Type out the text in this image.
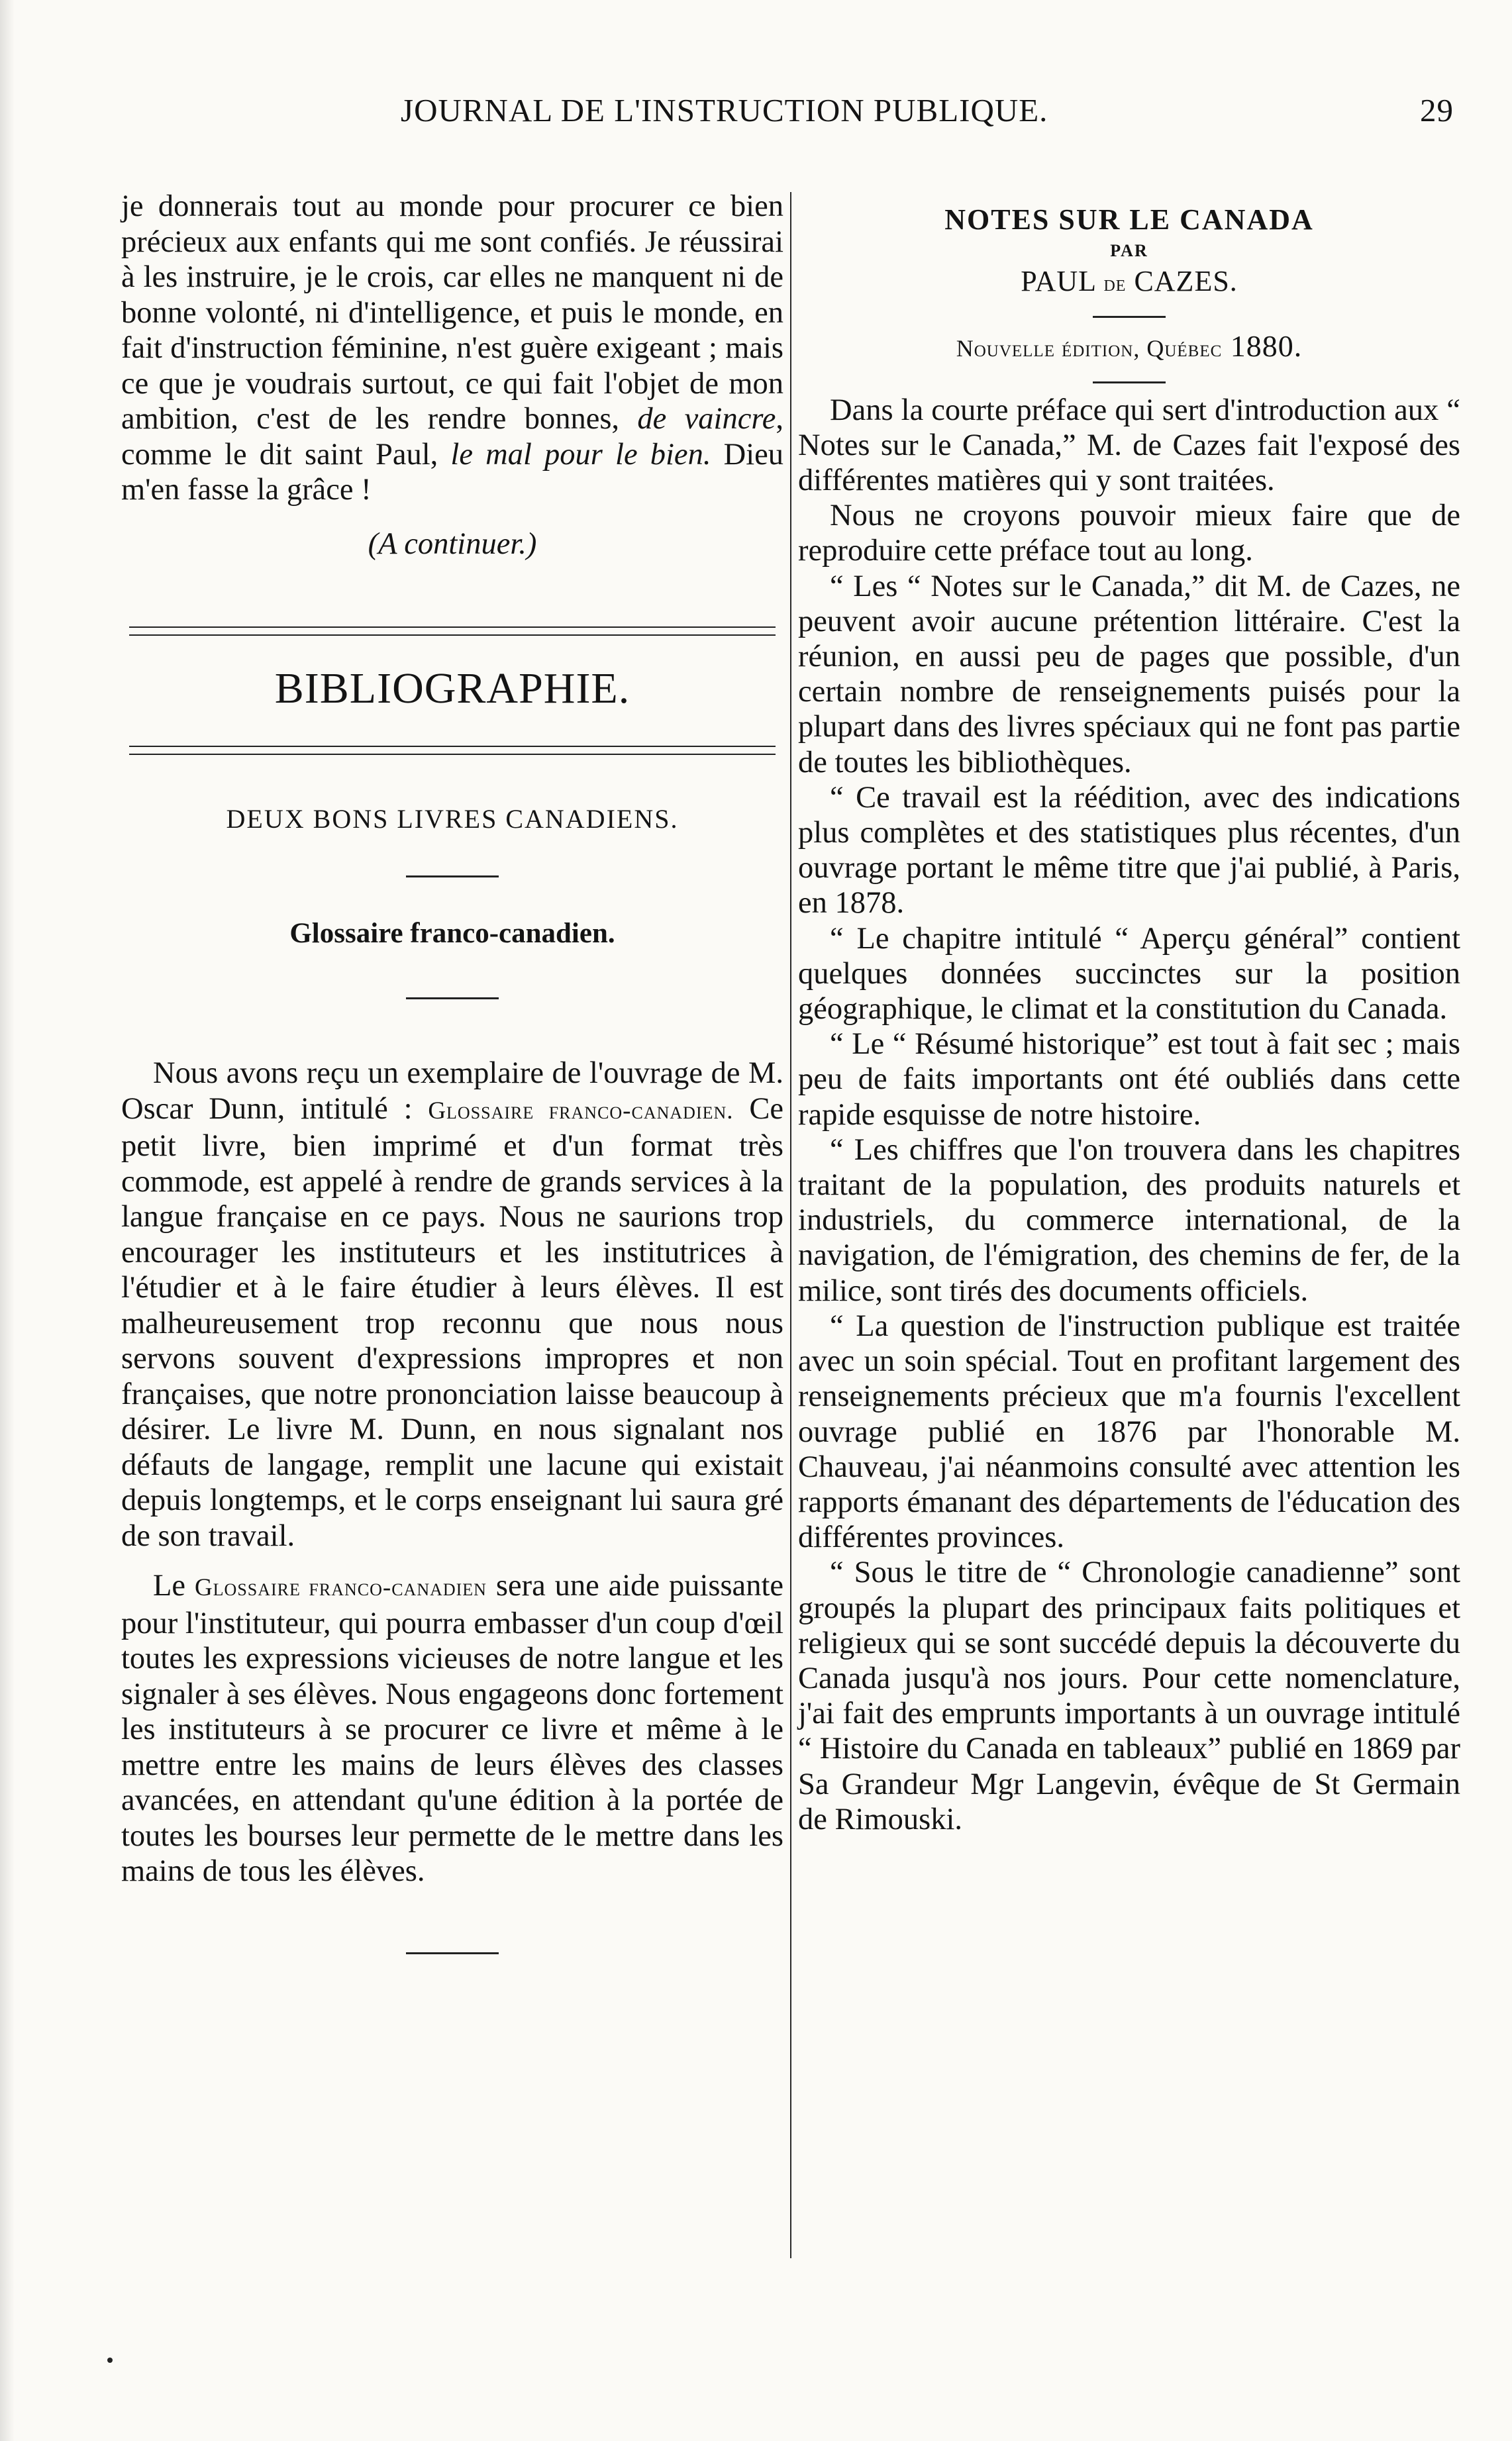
JOURNAL DE L'INSTRUCTION PUBLIQUE.	29

je donnerais tout au monde pour procurer ce bien précieux aux enfants qui me sont confiés. Je réussirai à les instruire, je le crois, car elles ne manquent ni de bonne volonté, ni d'intelligence, et puis le monde, en fait d'instruction féminine, n'est guère exigeant ; mais ce que je voudrais surtout, ce qui fait l'objet de mon ambition, c'est de les rendre bonnes, de vaincre, comme le dit saint Paul, le mal pour le bien. Dieu m'en fasse la grâce !

(A continuer.)

BIBLIOGRAPHIE.
DEUX BONS LIVRES CANADIENS.
Glossaire franco-canadien.

Nous avons reçu un exemplaire de l'ouvrage de M. Oscar Dunn, intitulé : Glossaire franco-canadien. Ce petit livre, bien imprimé et d'un format très commode, est appelé à rendre de grands services à la langue française en ce pays. Nous ne saurions trop encourager les instituteurs et les institutrices à l'étudier et à le faire étudier à leurs élèves. Il est malheureusement trop reconnu que nous nous servons souvent d'expressions impropres et non françaises, que notre prononciation laisse beaucoup à désirer. Le livre M. Dunn, en nous signalant nos défauts de langage, remplit une lacune qui existait depuis longtemps, et le corps enseignant lui saura gré de son travail.

Le Glossaire franco-canadien sera une aide puissante pour l'instituteur, qui pourra embasser d'un coup d'œil toutes les expressions vicieuses de notre langue et les signaler à ses élèves. Nous engageons donc fortement les instituteurs à se procurer ce livre et même à le mettre entre les mains de leurs élèves des classes avancées, en attendant qu'une édition à la portée de toutes les bourses leur permette de le mettre dans les mains de tous les élèves.

NOTES SUR LE CANADA
PAR
PAUL de CAZES.
Nouvelle édition, Québec 1880.

Dans la courte préface qui sert d'introduction aux “ Notes sur le Canada,” M. de Cazes fait l'exposé des différentes matières qui y sont traitées.

Nous ne croyons pouvoir mieux faire que de reproduire cette préface tout au long.

“ Les “ Notes sur le Canada,” dit M. de Cazes, ne peuvent avoir aucune prétention littéraire. C'est la réunion, en aussi peu de pages que possible, d'un certain nombre de renseignements puisés pour la plupart dans des livres spéciaux qui ne font pas partie de toutes les bibliothèques.

“ Ce travail est la réédition, avec des indications plus complètes et des statistiques plus récentes, d'un ouvrage portant le même titre que j'ai publié, à Paris, en 1878.

“ Le chapitre intitulé “ Aperçu général” contient quelques données succinctes sur la position géographique, le climat et la constitution du Canada.

“ Le “ Résumé historique” est tout à fait sec ; mais peu de faits importants ont été oubliés dans cette rapide esquisse de notre histoire.

“ Les chiffres que l'on trouvera dans les chapitres traitant de la population, des produits naturels et industriels, du commerce international, de la navigation, de l'émigration, des chemins de fer, de la milice, sont tirés des documents officiels.

“ La question de l'instruction publique est traitée avec un soin spécial. Tout en profitant largement des renseignements précieux que m'a fournis l'excellent ouvrage publié en 1876 par l'honorable M. Chauveau, j'ai néanmoins consulté avec attention les rapports émanant des départements de l'éducation des différentes provinces.

“ Sous le titre de “ Chronologie canadienne” sont groupés la plupart des principaux faits politiques et religieux qui se sont succédé depuis la découverte du Canada jusqu'à nos jours. Pour cette nomenclature, j'ai fait des emprunts importants à un ouvrage intitulé “ Histoire du Canada en tableaux” publié en 1869 par Sa Grandeur Mgr Langevin, évêque de St Germain de Rimouski.
